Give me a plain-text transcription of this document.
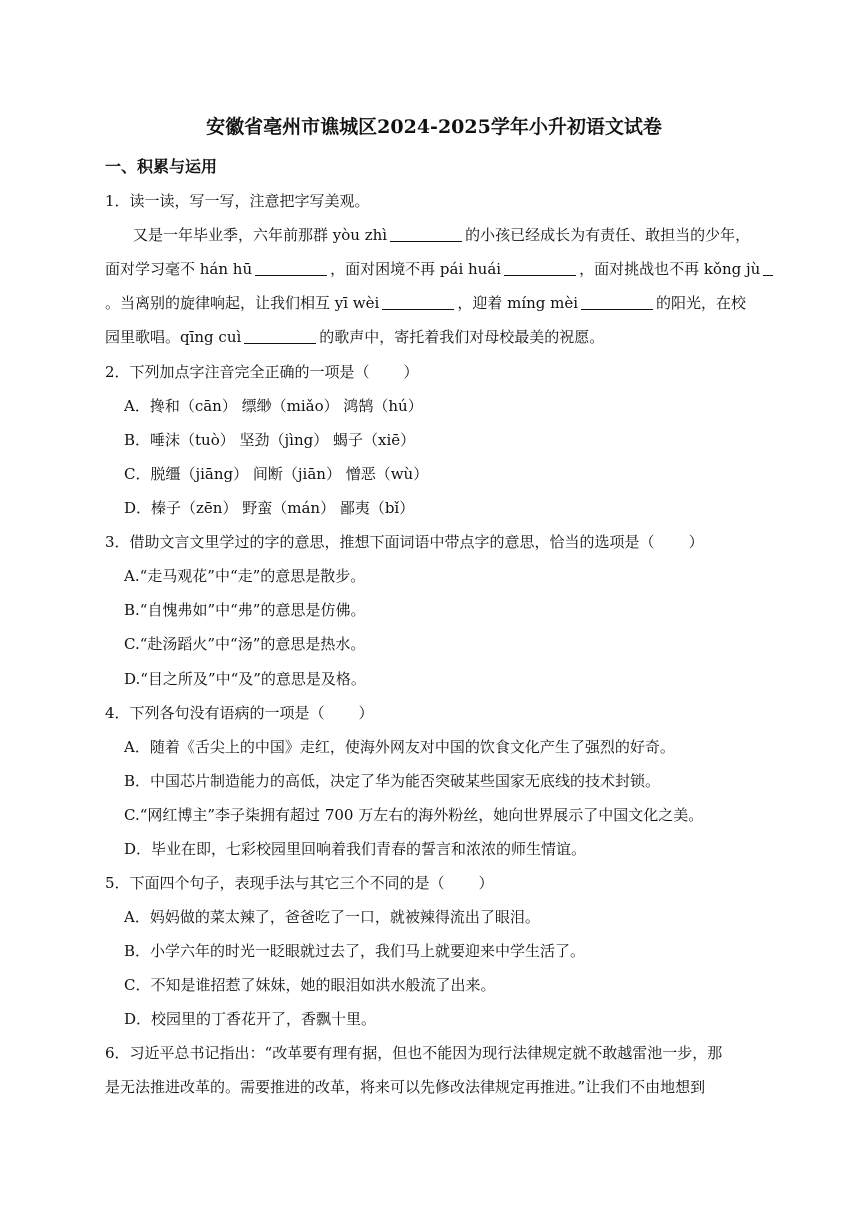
安徽省亳州市谯城区2024-2025学年小升初语文试卷
一、积累与运用
1．读一读，写一写，注意把字写美观。
又是一年毕业季，六年前那群 yòu zhì	的小孩已经成长为有责任、敢担当的少年，
面对学习毫不 hán hū	，面对困境不再 pái huái	，面对挑战也不再 kǒng jù
。当离别的旋律响起，让我们相互 yī wèi	，迎着 míng mèi	的阳光，在校
园里歌唱。qīng cuì	的歌声中，寄托着我们对母校最美的祝愿。
2．下列加点字注音完全正确的一项是（ ）
A．搀和（cān） 缥缈（miǎo） 鸿鹄（hú）
B．唾沫（tuò） 坚劲（jìng） 蝎子（xiē）
C．脱缰（jiāng） 间断（jiān） 憎恶（wù）
D．榛子（zēn） 野蛮（mán） 鄙夷（bǐ）
3．借助文言文里学过的字的意思，推想下面词语中带点字的意思，恰当的选项是（ ）
A.“走马观花”中“走”的意思是散步。
B.“自愧弗如”中“弗”的意思是仿佛。
C.“赴汤蹈火”中“汤”的意思是热水。
D.“目之所及”中“及”的意思是及格。
4．下列各句没有语病的一项是（ ）
A．随着《舌尖上的中国》走红，使海外网友对中国的饮食文化产生了强烈的好奇。
B．中国芯片制造能力的高低，决定了华为能否突破某些国家无底线的技术封锁。
C.“网红博主”李子柒拥有超过 700 万左右的海外粉丝，她向世界展示了中国文化之美。
D．毕业在即，七彩校园里回响着我们青春的誓言和浓浓的师生情谊。
5．下面四个句子，表现手法与其它三个不同的是（ ）
A．妈妈做的菜太辣了，爸爸吃了一口，就被辣得流出了眼泪。
B．小学六年的时光一眨眼就过去了，我们马上就要迎来中学生活了。
C．不知是谁招惹了妹妹，她的眼泪如洪水般流了出来。
D．校园里的丁香花开了，香飘十里。
6．习近平总书记指出：“改革要有理有据，但也不能因为现行法律规定就不敢越雷池一步，那
是无法推进改革的。需要推进的改革，将来可以先修改法律规定再推进。”让我们不由地想到
